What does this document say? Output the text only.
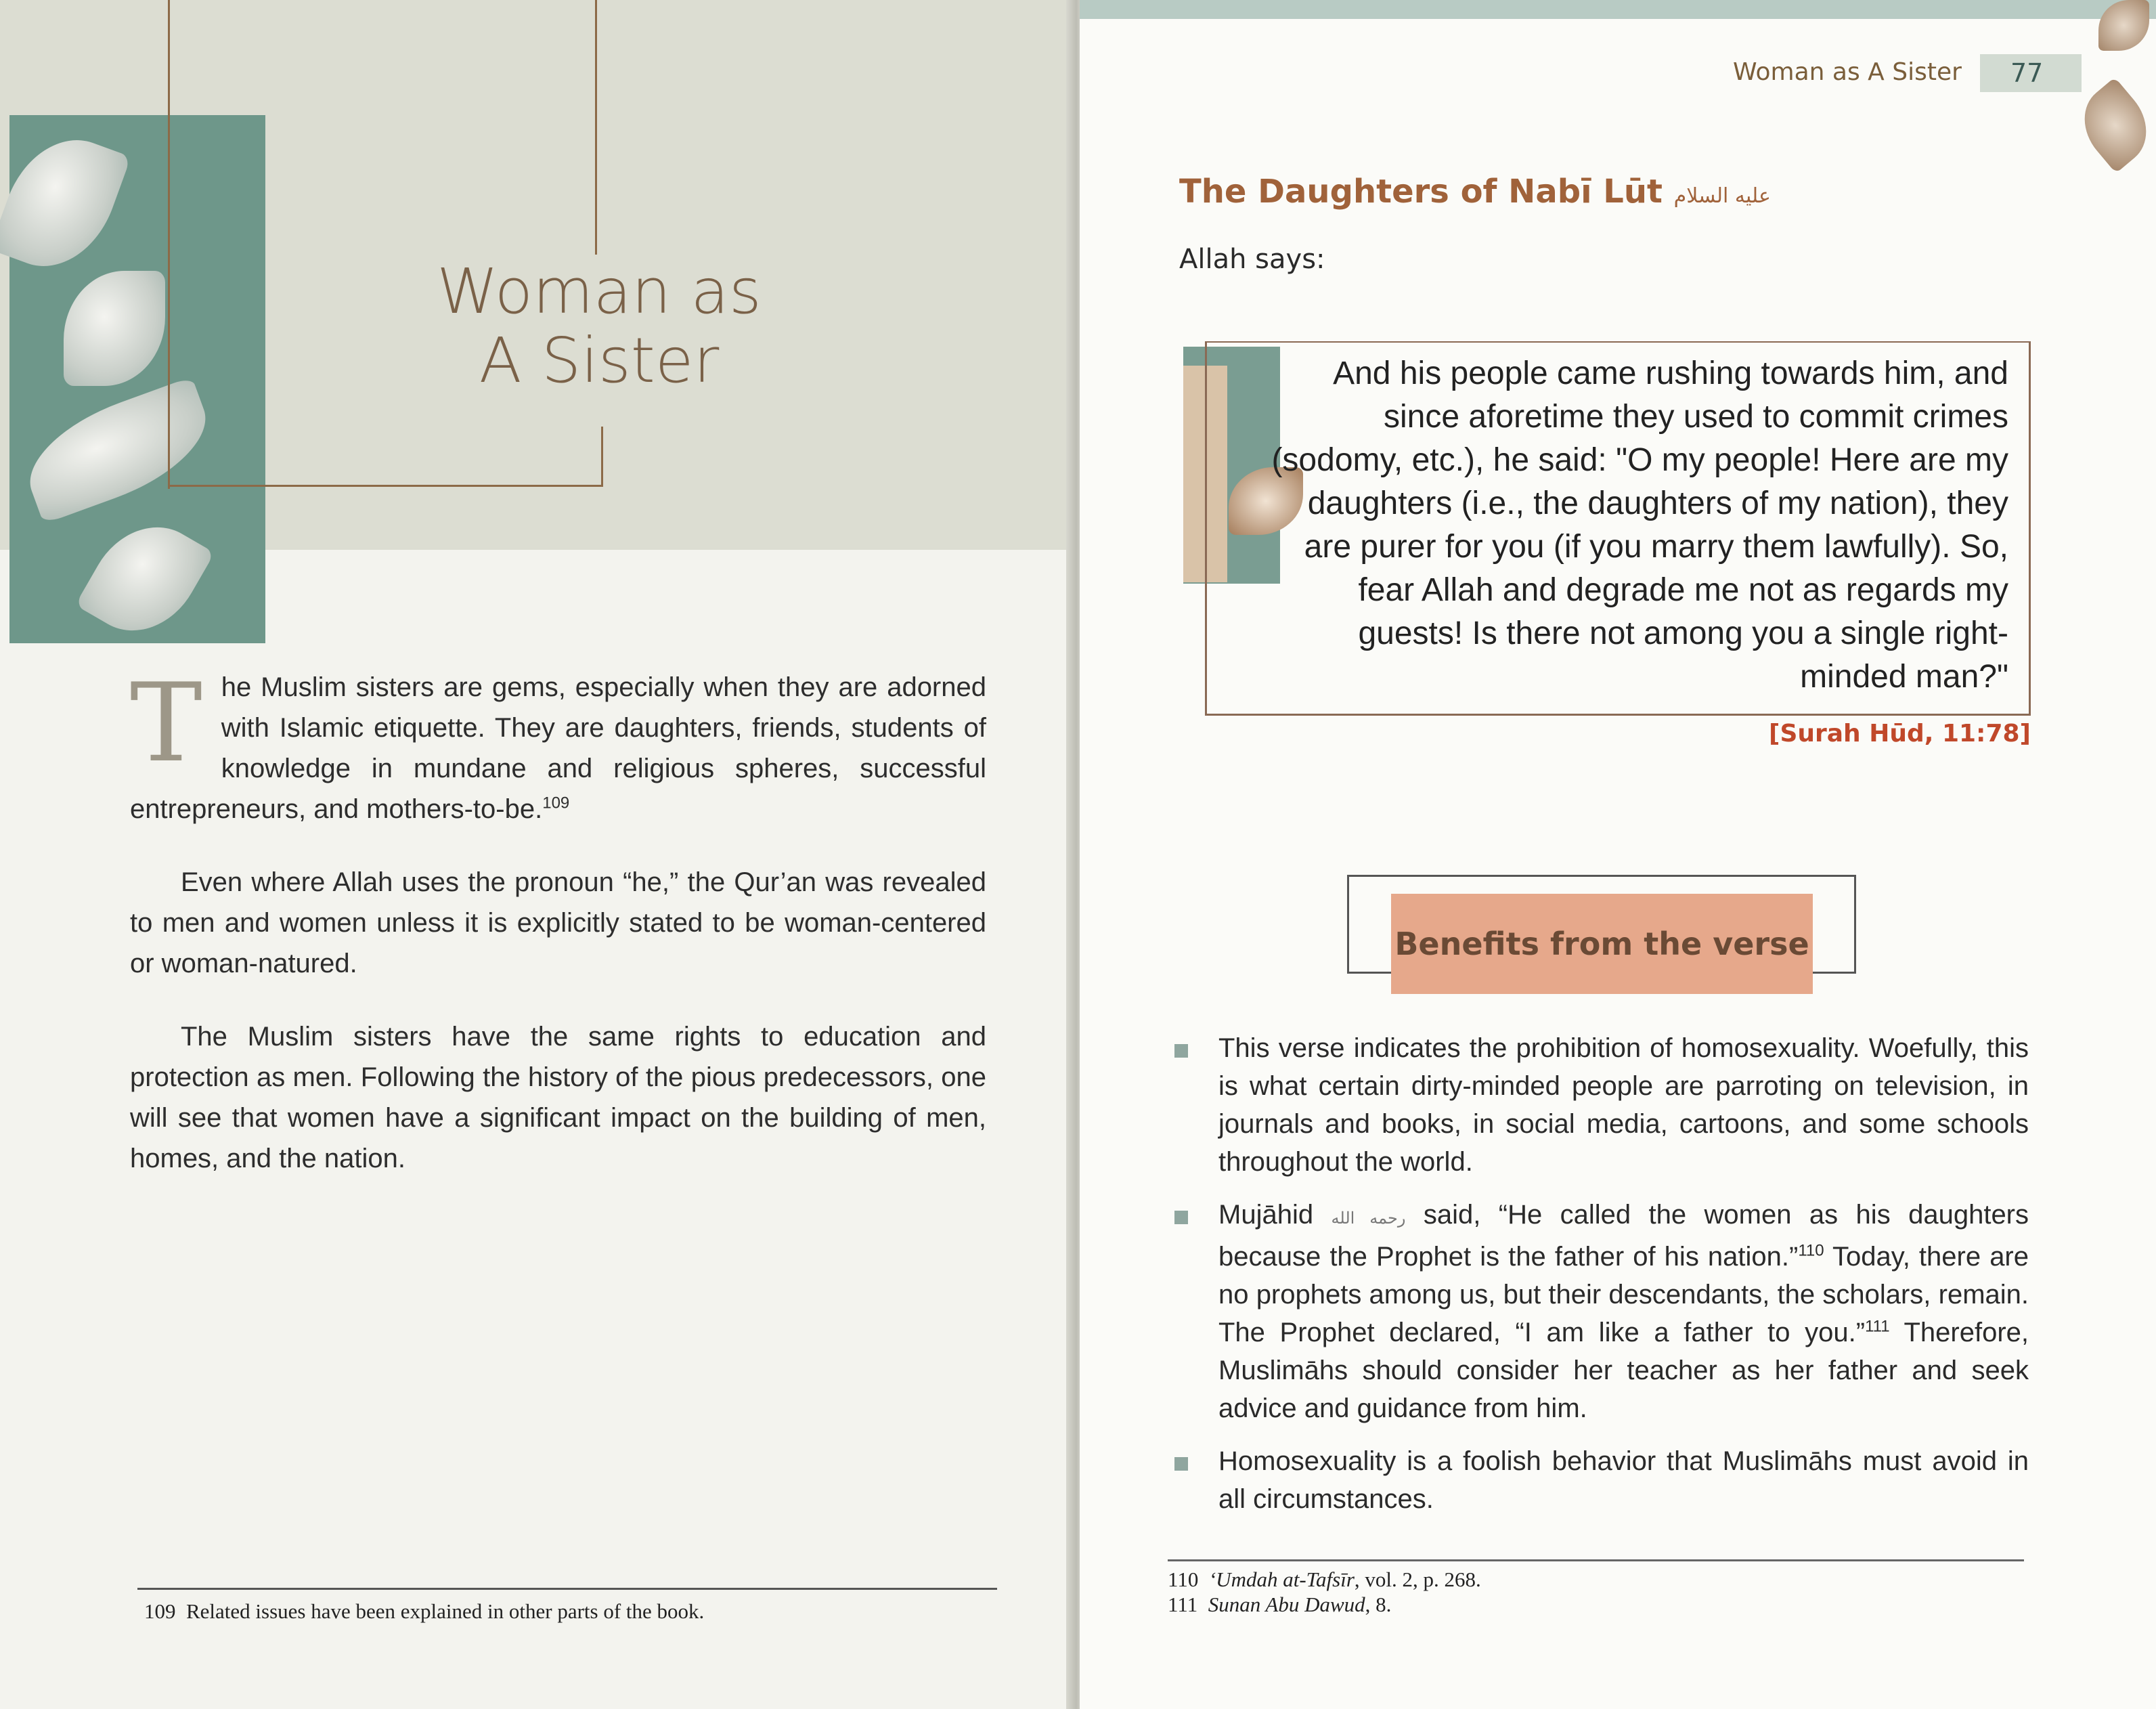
Woman as
A Sister

The Muslim sisters are gems, especially when they are adorned with Islamic etiquette. They are daughters, friends, students of knowledge in mundane and religious spheres, successful entrepreneurs, and mothers-to-be.$^{109}$

Even where Allah uses the pronoun “he,” the Qur’an was revealed to men and women unless it is explicitly stated to be woman-centered or woman-natured.

The Muslim sisters have the same rights to education and protection as men. Following the history of the pious predecessors, one will see that women have a significant impact on the building of men, homes, and the nation.

109 Related issues have been explained in other parts of the book.
Woman as A Sister	77
The Daughters of Nabī Lūt عليه السلام
Allah says:
And his people came rushing towards him, and since aforetime they used to commit crimes (sodomy, etc.), he said: "O my people! Here are my daughters (i.e., the daughters of my nation), they are purer for you (if you marry them lawfully). So, fear Allah and degrade me not as regards my guests! Is there not among you a single right-minded man?"
[Surah Hūd, 11:78]
Benefits from the verse

This verse indicates the prohibition of homosexuality. Woefully, this is what certain dirty-minded people are parroting on television, in journals and books, in social media, cartoons, and some schools throughout the world.

Mujāhid رحمه الله said, “He called the women as his daughters because the Prophet is the father of his nation.”$^{110}$ Today, there are no prophets among us, but their descendants, the scholars, remain. The Prophet declared, “I am like a father to you.”$^{111}$ Therefore, Muslimāhs should consider her teacher as her father and seek advice and guidance from him.

Homosexuality is a foolish behavior that Muslimāhs must avoid in all circumstances.

110 ‘Umdah at-Tafsīr, vol. 2, p. 268.
111 Sunan Abu Dawud, 8.
